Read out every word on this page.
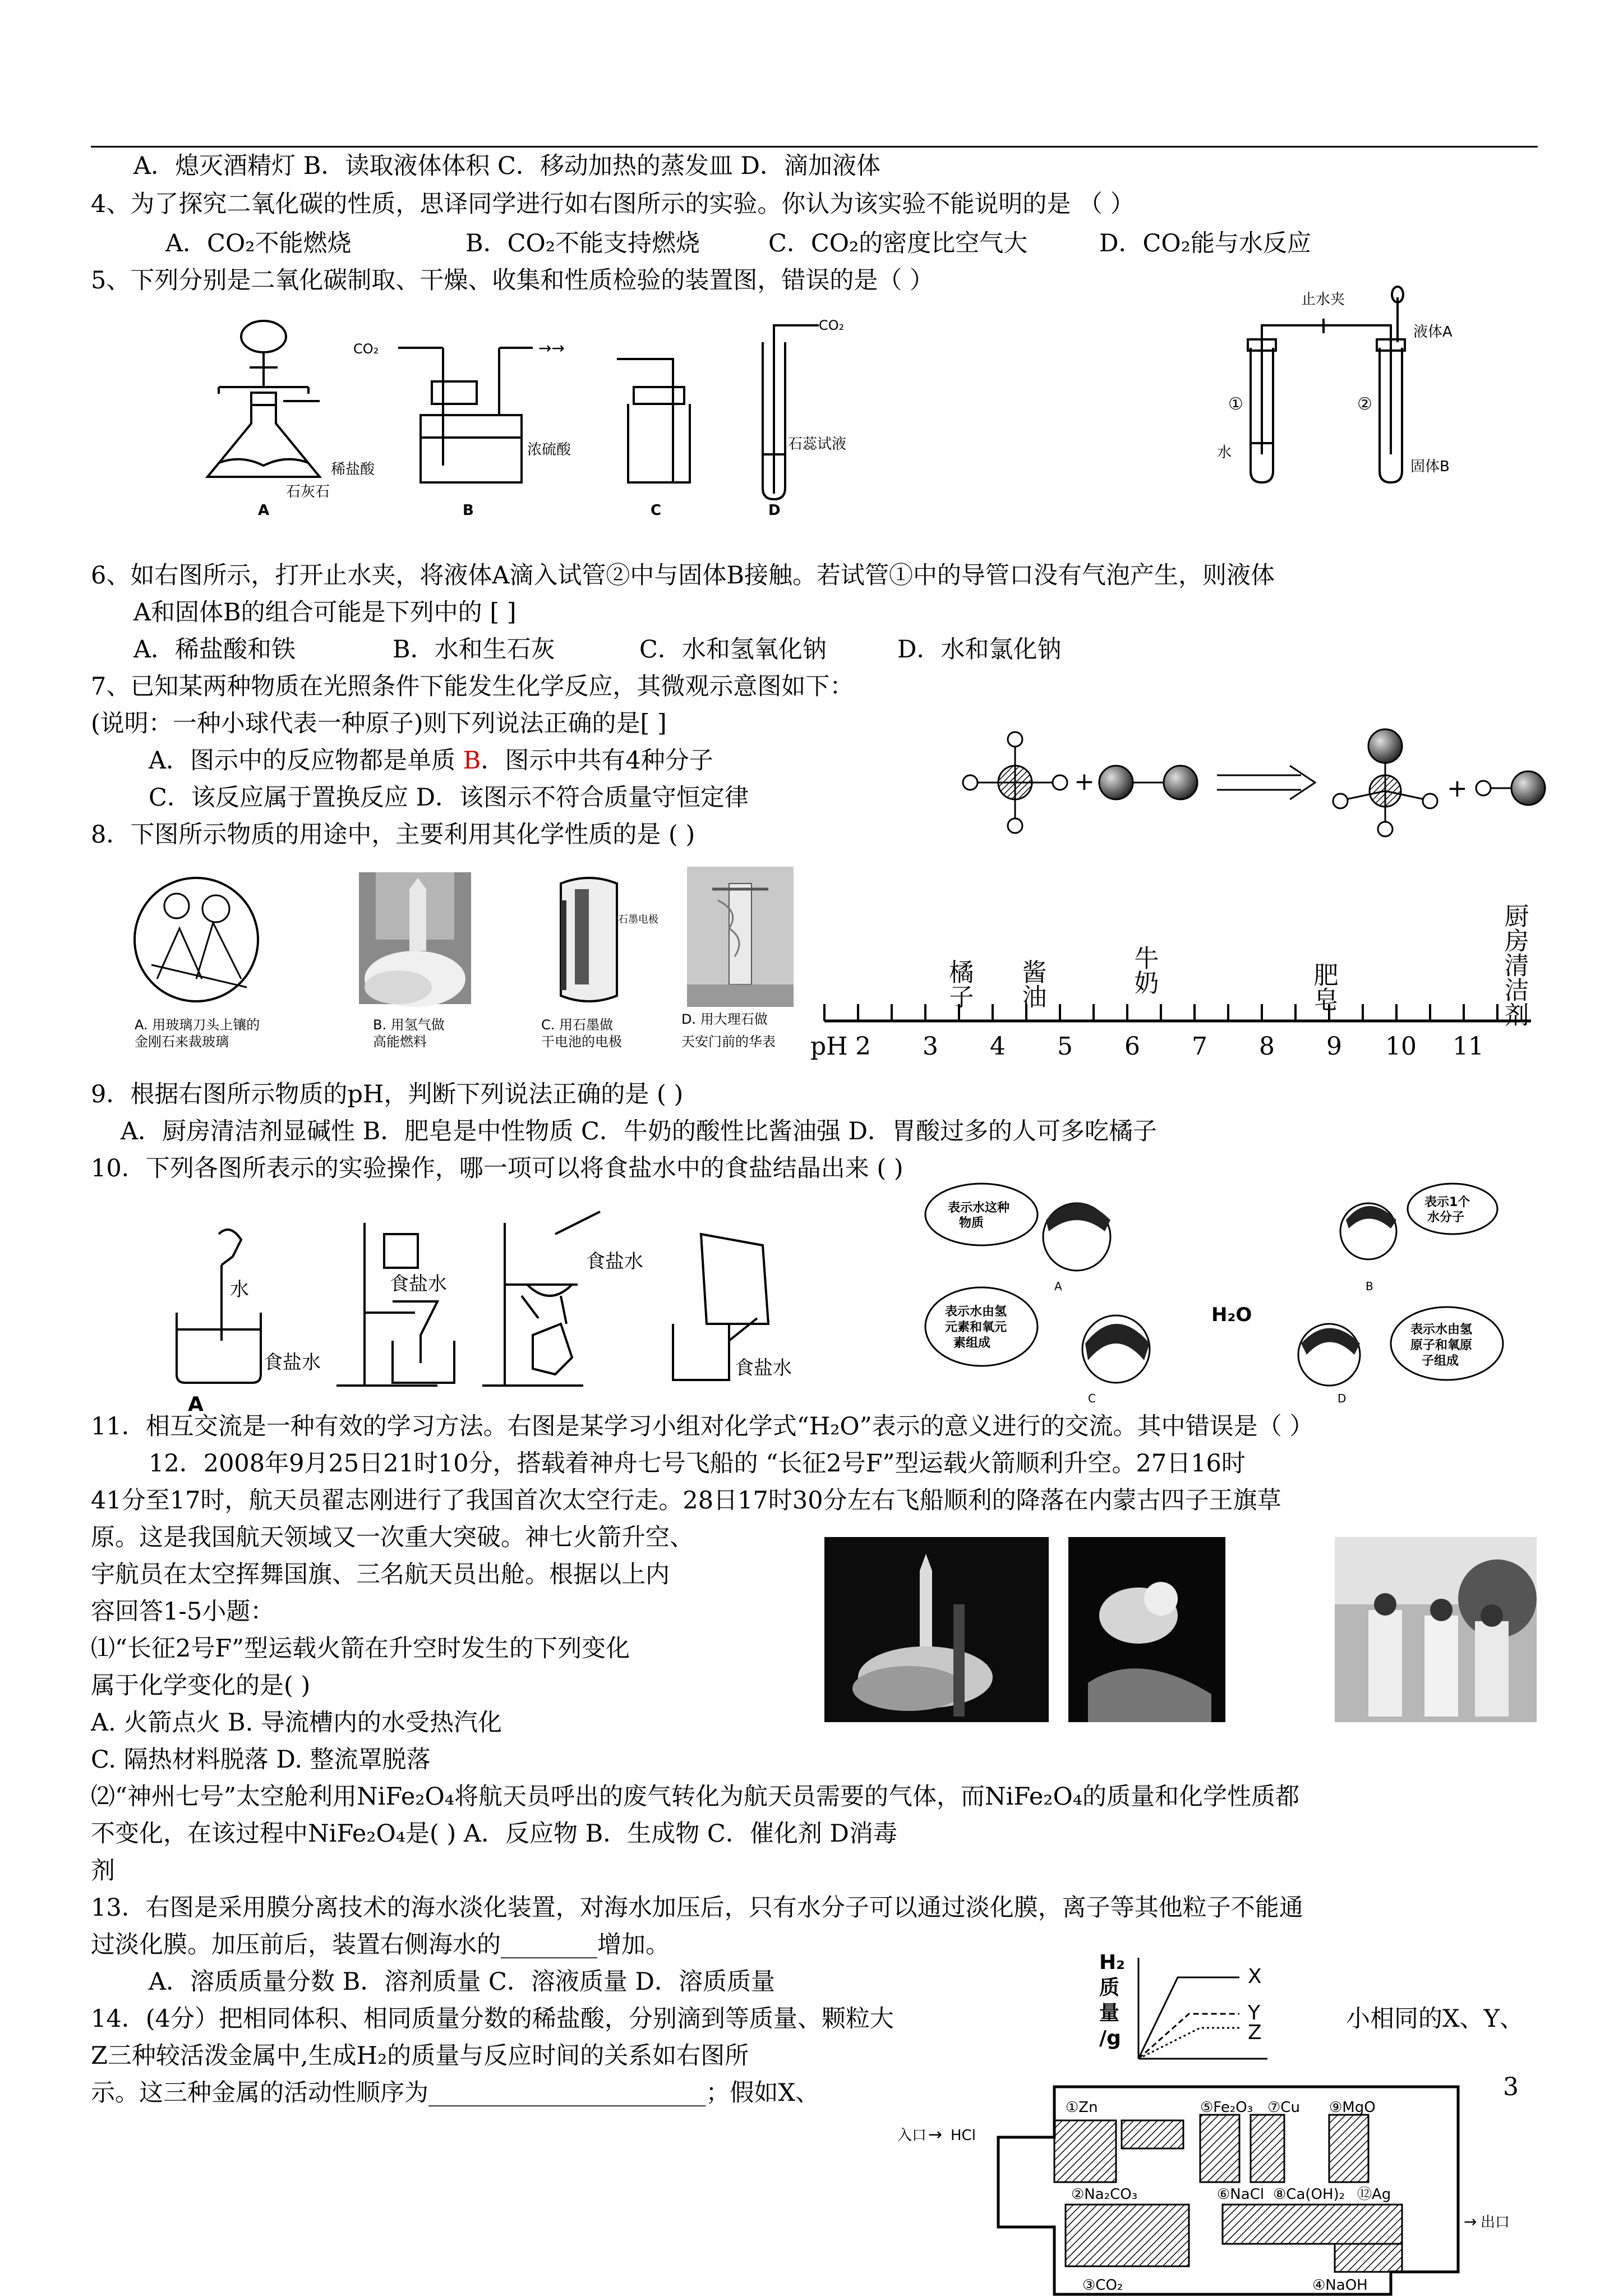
A．熄灭酒精灯 B．读取液体体积 C．移动加热的蒸发皿 D．滴加液体
4、为了探究二氧化碳的性质，思译同学进行如右图所示的实验。你认为该实验不能说明的是 （ ）
A．CO₂不能燃烧	B．CO₂不能支持燃烧	C．CO₂的密度比空气大	D．CO₂能与水反应
5、下列分别是二氧化碳制取、干燥、收集和性质检验的装置图，错误的是（ ）
稀盐酸
石灰石
A
CO₂	→→
浓硫酸
B	C
CO₂
石蕊试液
D
止水夹
液体A
①	②
水
固体B
6、如右图所示，打开止水夹，将液体A滴入试管②中与固体B接触。若试管①中的导管口没有气泡产生，则液体
A和固体B的组合可能是下列中的 [ ]
A．稀盐酸和铁	B．水和生石灰	C．水和氢氧化钠	D．水和氯化钠
7、已知某两种物质在光照条件下能发生化学反应，其微观示意图如下：
(说明：一种小球代表一种原子)则下列说法正确的是[ ]
A．图示中的反应物都是单质 B．图示中共有4种分子
C．该反应属于置换反应 D．该图示不符合质量守恒定律
+	+
8．下图所示物质的用途中，主要利用其化学性质的是 ( )
石墨电极
A. 用玻璃刀头上镶的
金刚石来裁玻璃
B. 用氢气做
高能燃料
C. 用石墨做
干电池的电极
D. 用大理石做
天安门前的华表 pH 2 3 4 5 6 7 8 9 10 11
橘子 酱油	牛奶	肥皂	厨房清洁剂
9．根据右图所示物质的pH，判断下列说法正确的是 ( )
A．厨房清洁剂显碱性 B．肥皂是中性物质 C．牛奶的酸性比酱油强 D．胃酸过多的人可多吃橘子
10．下列各图所表示的实验操作，哪一项可以将食盐水中的食盐结晶出来 ( )
水
食盐水
食盐水
食盐水
食盐水
A
表示水这种
物质
表示1个
水分子
表示水由氢
元素和氧元
素组成
表示水由氢
原子和氧原
子组成
H₂O
A	B
C	D
11．相互交流是一种有效的学习方法。右图是某学习小组对化学式“H₂O”表示的意义进行的交流。其中错误是（ ）
12．2008年9月25日21时10分，搭载着神舟七号飞船的 “长征2号F”型运载火箭顺利升空。27日16时
41分至17时，航天员翟志刚进行了我国首次太空行走。28日17时30分左右飞船顺利的降落在内蒙古四子王旗草
原。这是我国航天领域又一次重大突破。神七火箭升空、
宇航员在太空挥舞国旗、三名航天员出舱。根据以上内
容回答1-5小题：
⑴“长征2号F”型运载火箭在升空时发生的下列变化
属于化学变化的是( )
A. 火箭点火 B. 导流槽内的水受热汽化
C. 隔热材料脱落 D. 整流罩脱落
⑵“神州七号”太空舱利用NiFe₂O₄将航天员呼出的废气转化为航天员需要的气体，而NiFe₂O₄的质量和化学性质都
不变化，在该过程中NiFe₂O₄是( ) A．反应物 B．生成物 C．催化剂 D消毒
剂
13．右图是采用膜分离技术的海水淡化装置，对海水加压后，只有水分子可以通过淡化膜，离子等其他粒子不能通
过淡化膜。加压前后，装置右侧海水的________增加。
A．溶质质量分数 B．溶剂质量 C．溶液质量 D．溶质质量
14．(4分）把相同体积、相同质量分数的稀盐酸，分别滴到等质量、颗粒大	小相同的X、Y、
Z三种较活泼金属中,生成H₂的质量与反应时间的关系如右图所
示。这三种金属的活动性顺序为_______________________；假如X、
H₂
质
量
/g
X
Y
Z
①Zn	⑤Fe₂O₃ ⑦Cu ⑨MgO
②Na₂CO₃	⑥NaCl ⑧Ca(OH)₂ ⑫Ag
③CO₂	④NaOH
入口 → HCl
→ 出口
3
